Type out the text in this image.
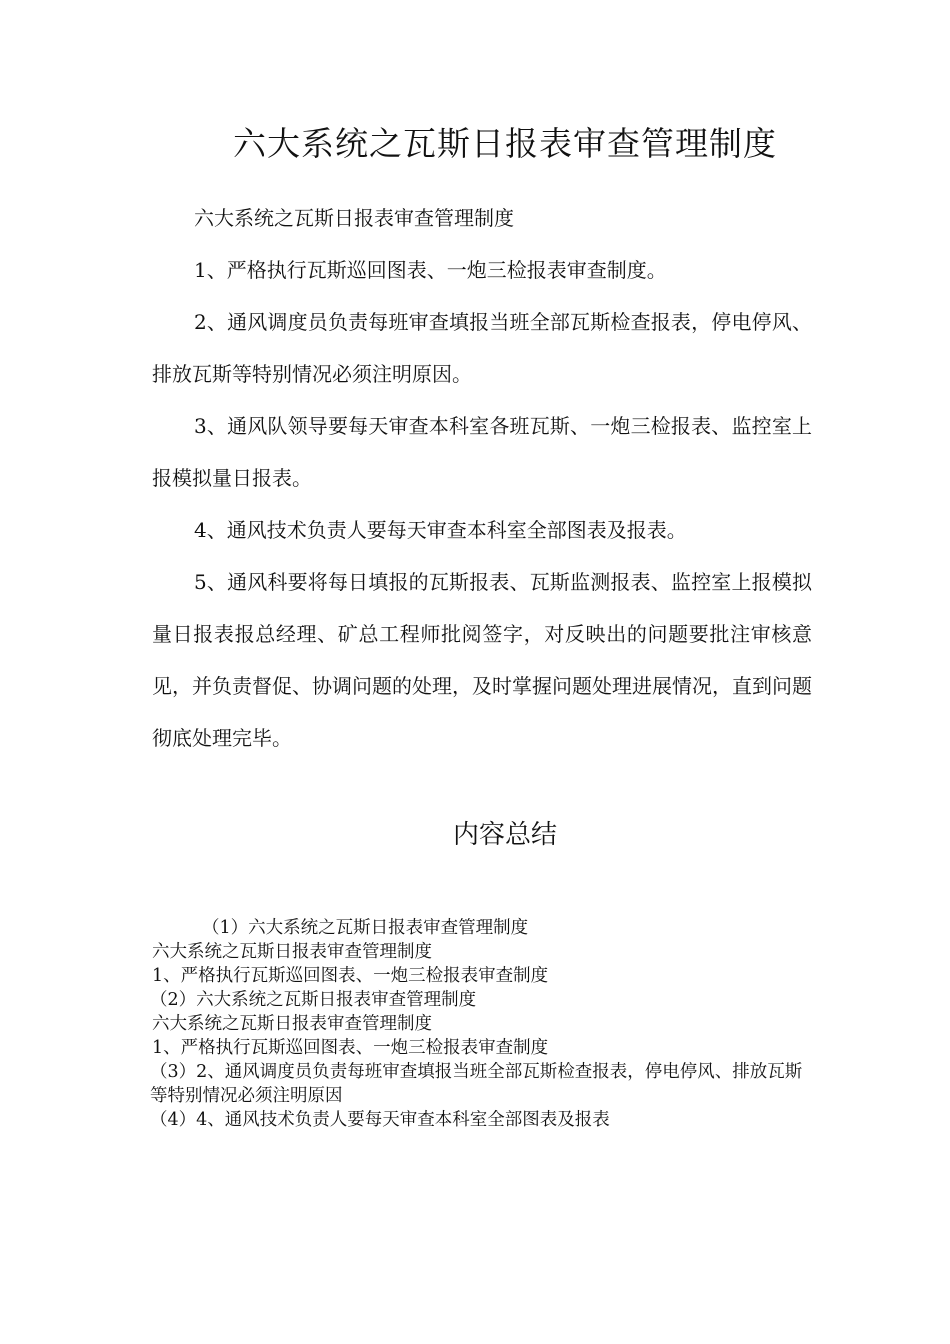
六大系统之瓦斯日报表审查管理制度

六大系统之瓦斯日报表审查管理制度

1、严格执行瓦斯巡回图表、一炮三检报表审查制度。

2、通风调度员负责每班审查填报当班全部瓦斯检查报表，停电停风、排放瓦斯等特别情况必须注明原因。

3、通风队领导要每天审查本科室各班瓦斯、一炮三检报表、监控室上报模拟量日报表。

4、通风技术负责人要每天审查本科室全部图表及报表。

5、通风科要将每日填报的瓦斯报表、瓦斯监测报表、监控室上报模拟量日报表报总经理、矿总工程师批阅签字，对反映出的问题要批注审核意见，并负责督促、协调问题的处理，及时掌握问题处理进展情况，直到问题彻底处理完毕。

内容总结

（1）六大系统之瓦斯日报表审查管理制度

六大系统之瓦斯日报表审查管理制度

1、严格执行瓦斯巡回图表、一炮三检报表审查制度

（2）六大系统之瓦斯日报表审查管理制度

六大系统之瓦斯日报表审查管理制度

1、严格执行瓦斯巡回图表、一炮三检报表审查制度

（3）2、通风调度员负责每班审查填报当班全部瓦斯检查报表，停电停风、排放瓦斯等特别情况必须注明原因

（4）4、通风技术负责人要每天审查本科室全部图表及报表
